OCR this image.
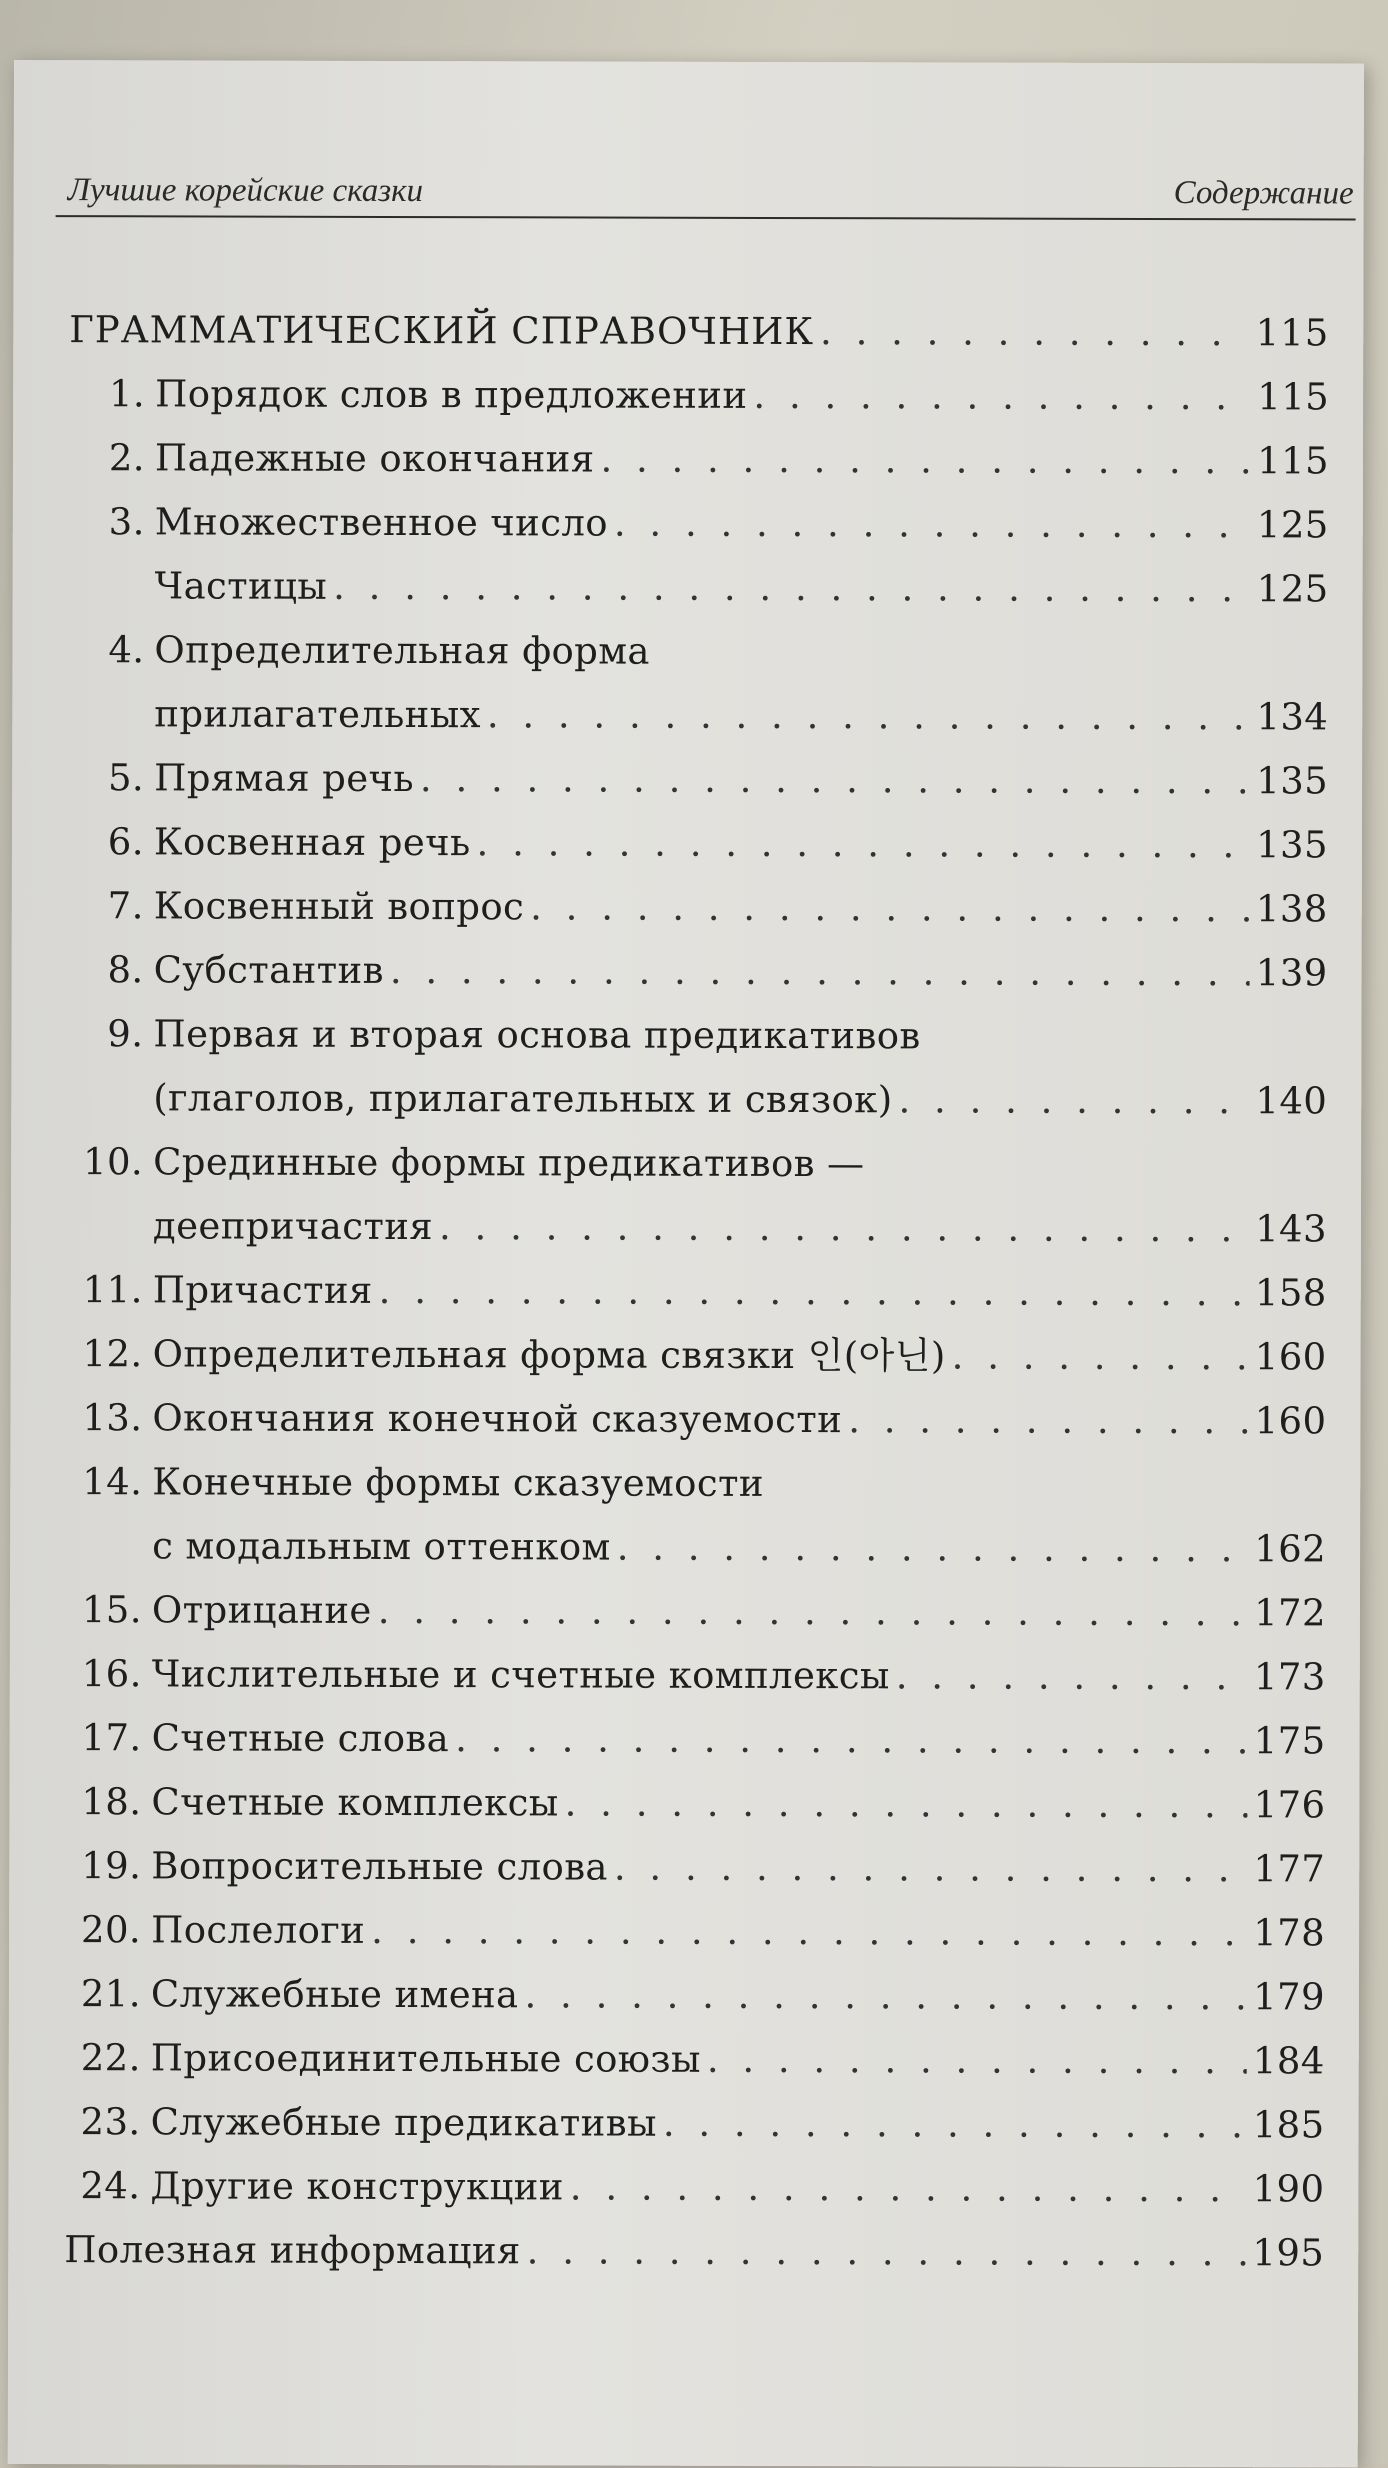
Лучшие корейские сказки	Содержание
ГРАММАТИЧЕСКИЙ СПРАВОЧНИК . . .	115
1. Порядок слов в предложении . . .	115
2. Падежные окончания . . .	115
3. Множественное число . . .	125
Частицы . . .	125
4. Определительная форма
прилагательных . . .	134
5. Прямая речь . . .	135
6. Косвенная речь . . .	135
7. Косвенный вопрос . . .	138
8. Субстантив . . .	139
9. Первая и вторая основа предикативов
(глаголов, прилагательных и связок) . . .	140
10. Срединные формы предикативов —
деепричастия . . .	143
11. Причастия . . .	158
12. Определительная форма связки 인(아닌) . . .	160
13. Окончания конечной сказуемости . . .	160
14. Конечные формы сказуемости
с модальным оттенком . . .	162
15. Отрицание . . .	172
16. Числительные и счетные комплексы . . .	173
17. Счетные слова . . .	175
18. Счетные комплексы . . .	176
19. Вопросительные слова . . .	177
20. Послелоги . . .	178
21. Служебные имена . . .	179
22. Присоединительные союзы . . .	184
23. Служебные предикативы . . .	185
24. Другие конструкции . . .	190
Полезная информация . . .	195
